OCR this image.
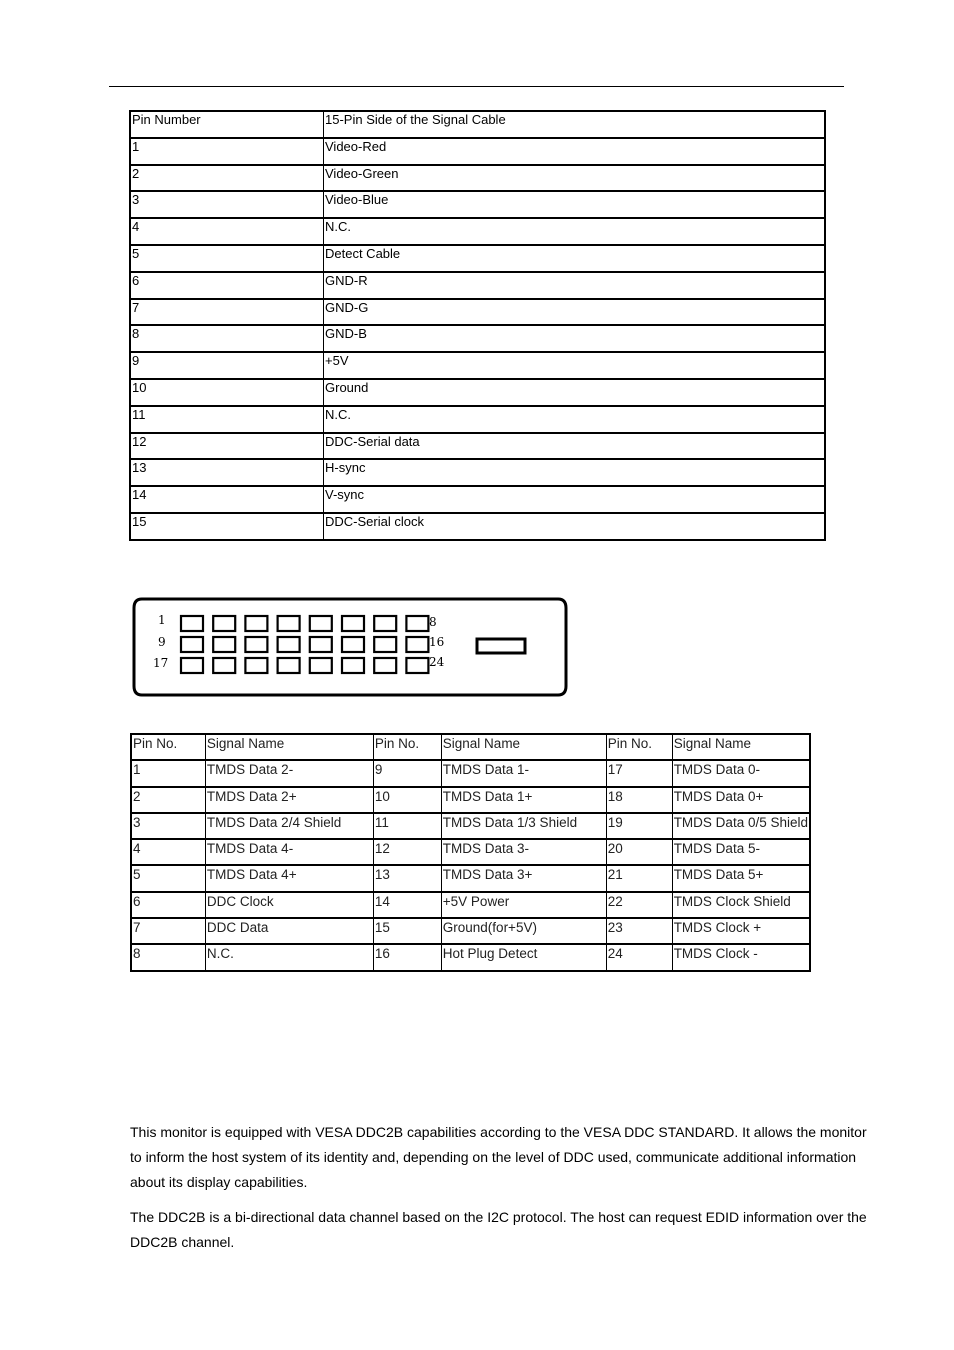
Pin Number	15-Pin Side of the Signal Cable
1	Video-Red
2	Video-Green
3	Video-Blue
4	N.C.
5	Detect Cable
6	GND-R
7	GND-G
8	GND-B
9	+5V
10	Ground
11	N.C.
12	DDC-Serial data
13	H-sync
14	V-sync
15	DDC-Serial clock
1
9
17
8
16
24
Pin No.	Signal Name	Pin No.	Signal Name	Pin No.	Signal Name
1	TMDS Data 2-	9	TMDS Data 1-	17	TMDS Data 0-
2	TMDS Data 2+	10	TMDS Data 1+	18	TMDS Data 0+
3	TMDS Data 2/4 Shield	11	TMDS Data 1/3 Shield	19	TMDS Data 0/5 Shield
4	TMDS Data 4-	12	TMDS Data 3-	20	TMDS Data 5-
5	TMDS Data 4+	13	TMDS Data 3+	21	TMDS Data 5+
6	DDC Clock	14	+5V Power	22	TMDS Clock Shield
7	DDC Data	15	Ground(for+5V)	23	TMDS Clock +
8	N.C.	16	Hot Plug Detect	24	TMDS Clock -

This monitor is equipped with VESA DDC2B capabilities according to the VESA DDC STANDARD. It allows the monitor to inform the host system of its identity and, depending on the level of DDC used, communicate additional information about its display capabilities.

The DDC2B is a bi-directional data channel based on the I2C protocol. The host can request EDID information over the DDC2B channel.
